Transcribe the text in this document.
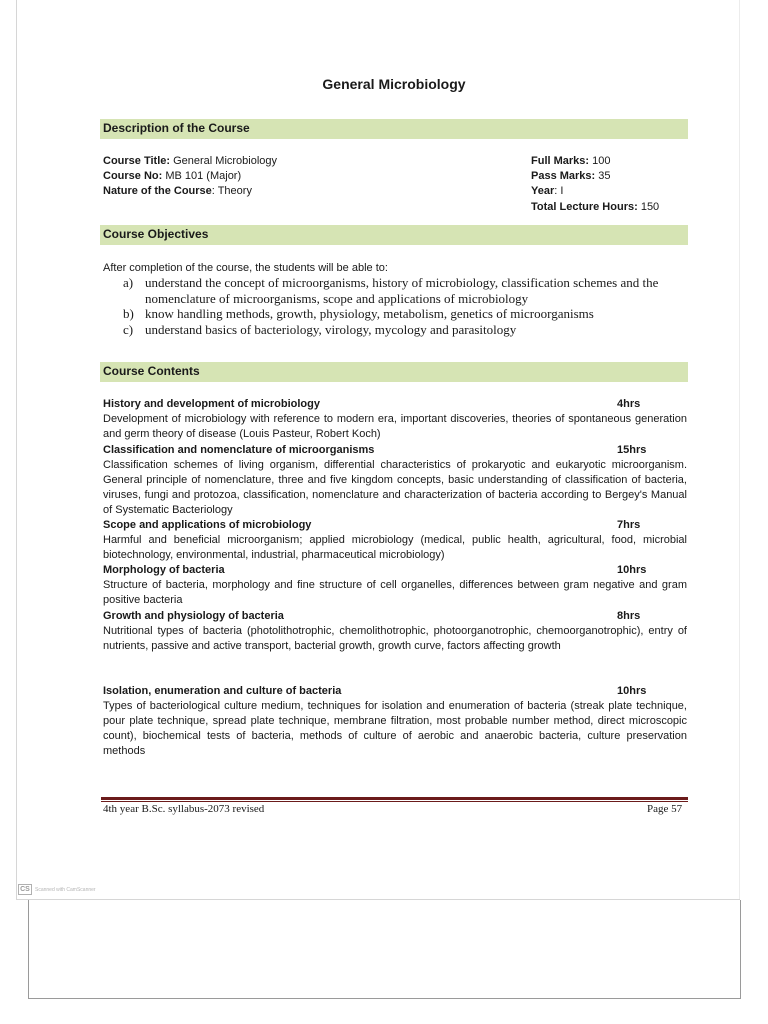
General Microbiology
Description of the Course
Course Title: General Microbiology
Course No: MB 101 (Major)
Nature of the Course: Theory
Full Marks: 100
Pass Marks: 35
Year: I
Total Lecture Hours: 150
Course Objectives
After completion of the course, the students will be able to:
a) understand the concept of microorganisms, history of microbiology, classification schemes and the nomenclature of microorganisms, scope and applications of microbiology
b) know handling methods, growth, physiology, metabolism, genetics of microorganisms
c) understand basics of bacteriology, virology, mycology and parasitology
Course Contents
History and development of microbiology	4hrs
Development of microbiology with reference to modern era, important discoveries, theories of spontaneous generation and germ theory of disease (Louis Pasteur, Robert Koch)
Classification and nomenclature of microorganisms	15hrs
Classification schemes of living organism, differential characteristics of prokaryotic and eukaryotic microorganism. General principle of nomenclature, three and five kingdom concepts, basic understanding of classification of bacteria, viruses, fungi and protozoa, classification, nomenclature and characterization of bacteria according to Bergey's Manual of Systematic Bacteriology
Scope and applications of microbiology	7hrs
Harmful and beneficial microorganism; applied microbiology (medical, public health, agricultural, food, microbial biotechnology, environmental, industrial, pharmaceutical microbiology)
Morphology of bacteria	10hrs
Structure of bacteria, morphology and fine structure of cell organelles, differences between gram negative and gram positive bacteria
Growth and physiology of bacteria	8hrs
Nutritional types of bacteria (photolithotrophic, chemolithotrophic, photoorganotrophic, chemoorganotrophic), entry of nutrients, passive and active transport, bacterial growth, growth curve, factors affecting growth
Isolation, enumeration and culture of bacteria	10hrs
Types of bacteriological culture medium, techniques for isolation and enumeration of bacteria (streak plate technique, pour plate technique, spread plate technique, membrane filtration, most probable number method, direct microscopic count), biochemical tests of bacteria, methods of culture of aerobic and anaerobic bacteria, culture preservation methods
4th year B.Sc. syllabus-2073 revised	Page 57
CS	Scanned with CamScanner
